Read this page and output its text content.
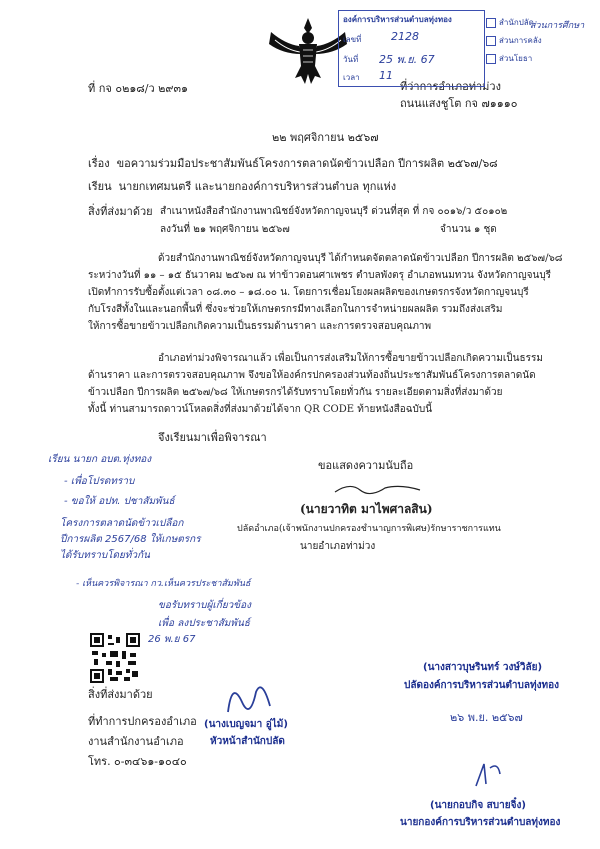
ที่ กจ ๐๒๑๘/ว ๒๙๓๑	ที่ว่าการอำเภอท่าม่วง
ถนนแสงชูโต กจ ๗๑๑๑๐
๒๒ พฤศจิกายน ๒๕๖๗
องค์การบริหารส่วนตำบลทุ่งทอง
เลขที่	2128
วันที่ 25 พ.ย. 67
เวลา 11
สำนักปลัด
ส่วนการคลัง
ส่วนโยธา
ส่วนการศึกษา
เรื่อง ขอความร่วมมือประชาสัมพันธ์โครงการตลาดนัดข้าวเปลือก ปีการผลิต ๒๕๖๗/๖๘
เรียน นายกเทศมนตรี และนายกองค์การบริหารส่วนตำบล ทุกแห่ง
สิ่งที่ส่งมาด้วย สำเนาหนังสือสำนักงานพาณิชย์จังหวัดกาญจนบุรี ด่วนที่สุด ที่ กจ ๐๐๑๖/ว ๕๐๑๐๒
ลงวันที่ ๒๑ พฤศจิกายน ๒๕๖๗	จำนวน ๑ ชุด
ด้วยสำนักงานพาณิชย์จังหวัดกาญจนบุรี ได้กำหนดจัดตลาดนัดข้าวเปลือก ปีการผลิต ๒๕๖๗/๖๘
ระหว่างวันที่ ๑๑ – ๑๕ ธันวาคม ๒๕๖๗ ณ ท่าข้าวดอนศาเพชร ตำบลพังตรุ อำเภอพนมทวน จังหวัดกาญจนบุรี
เปิดทำการรับซื้อตั้งแต่เวลา ๐๘.๓๐ – ๑๘.๐๐ น. โดยการเชื่อมโยงผลผลิตของเกษตรกรจังหวัดกาญจนบุรี
กับโรงสีทั้งในและนอกพื้นที่ ซึ่งจะช่วยให้เกษตรกรมีทางเลือกในการจำหน่ายผลผลิต รวมถึงส่งเสริม
ให้การซื้อขายข้าวเปลือกเกิดความเป็นธรรมด้านราคา และการตรวจสอบคุณภาพ
อำเภอท่าม่วงพิจารณาแล้ว เพื่อเป็นการส่งเสริมให้การซื้อขายข้าวเปลือกเกิดความเป็นธรรม
ด้านราคา และการตรวจสอบคุณภาพ จึงขอให้องค์กรปกครองส่วนท้องถิ่นประชาสัมพันธ์โครงการตลาดนัด
ข้าวเปลือก ปีการผลิต ๒๕๖๗/๖๘ ให้เกษตรกรได้รับทราบโดยทั่วกัน รายละเอียดตามสิ่งที่ส่งมาด้วย
ทั้งนี้ ท่านสามารถดาวน์โหลดสิ่งที่ส่งมาด้วยได้จาก QR CODE ท้ายหนังสือฉบับนี้
จึงเรียนมาเพื่อพิจารณา
ขอแสดงความนับถือ
(นายวาทิต มาไพศาลสิน)
ปลัดอำเภอ(เจ้าพนักงานปกครองชำนาญการพิเศษ)รักษาราชการแทน
นายอำเภอท่าม่วง
เรียน นายก อบต.ทุ่งทอง
- เพื่อโปรดทราบ
- ขอให้ อปท. ปชาสัมพันธ์
โครงการตลาดนัดข้าวเปลือก
ปีการผลิต 2567/68 ให้เกษตรกร
ได้รับทราบโดยทั่วกัน
- เห็นควรพิจารณา กว.เห็นควรประชาสัมพันธ์
ขอรับทราบผู้เกี่ยวข้อง
เพื่อ ลงประชาสัมพันธ์
26 พ.ย 67
สิ่งที่ส่งมาด้วย
ที่ทำการปกครองอำเภอ
งานสำนักงานอำเภอ
โทร. ๐-๓๔๖๑-๑๐๔๐
(นางเบญจมา อู่ไม้)
หัวหน้าสำนักปลัด
(นางสาวบุษรินทร์ วงษ์วิลัย)
ปลัดองค์การบริหารส่วนตำบลทุ่งทอง
๒๖ พ.ย. ๒๕๖๗
(นายกอบกิจ สบายจิ๋ง)
นายกองค์การบริหารส่วนตำบลทุ่งทอง
